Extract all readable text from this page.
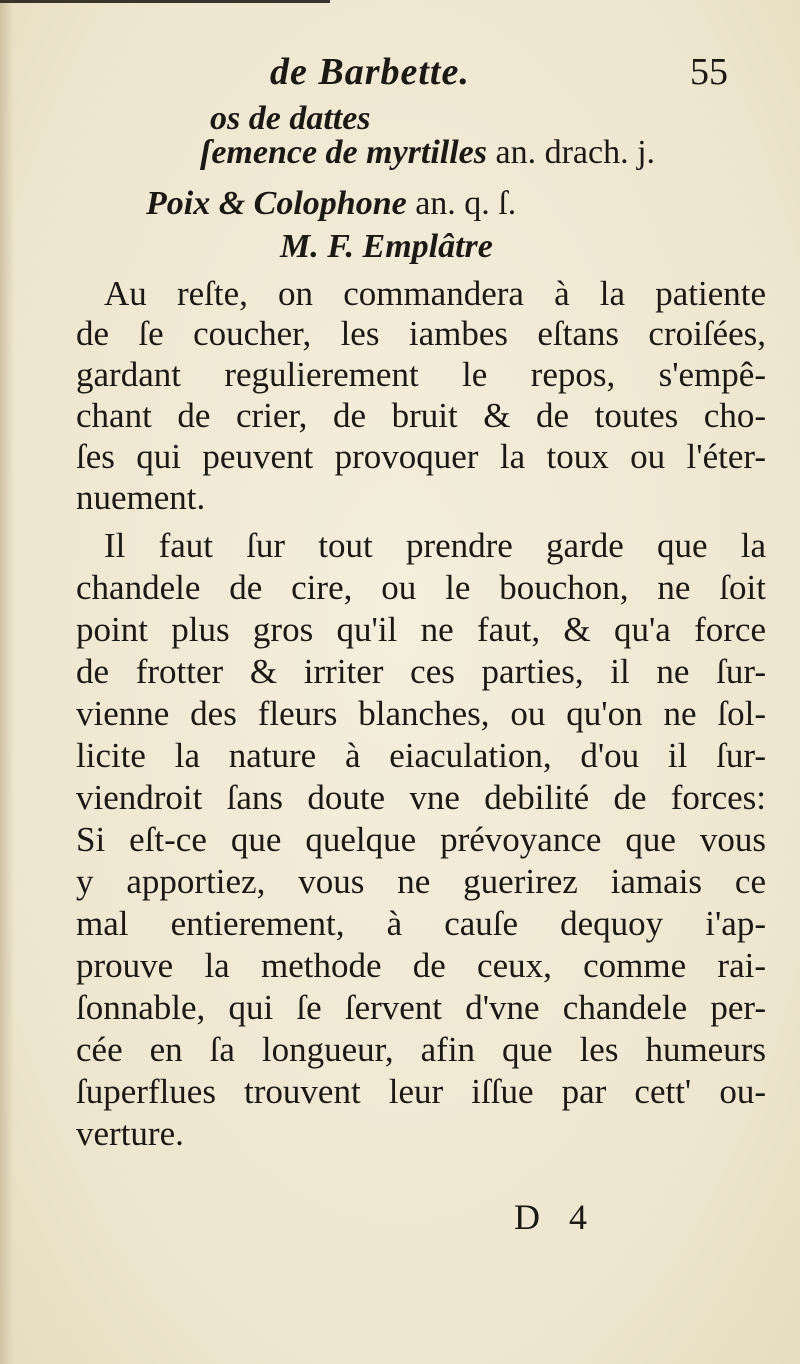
de Barbette.	55
os de dattes
ſemence de myrtilles an. drach. j.
Poix & Colophone an. q. ſ.
M. F. Emplâtre
Au reſte, on commandera à la patiente
de ſe coucher, les iambes eſtans croiſées,
gardant regulierement le repos, s'empê-
chant de crier, de bruit & de toutes cho-
ſes qui peuvent provoquer la toux ou l'éter-
nuement.
Il faut ſur tout prendre garde que la
chandele de cire, ou le bouchon, ne ſoit
point plus gros qu'il ne faut, & qu'a force
de frotter & irriter ces parties, il ne ſur-
vienne des fleurs blanches, ou qu'on ne ſol-
licite la nature à eiaculation, d'ou il ſur-
viendroit ſans doute vne debilité de forces:
Si eſt-ce que quelque prévoyance que vous
y apportiez, vous ne guerirez iamais ce
mal entierement, à cauſe dequoy i'ap-
prouve la methode de ceux, comme rai-
ſonnable, qui ſe ſervent d'vne chandele per-
cée en ſa longueur, afin que les humeurs
ſuperflues trouvent leur iſſue par cett' ou-
verture.
D 4
